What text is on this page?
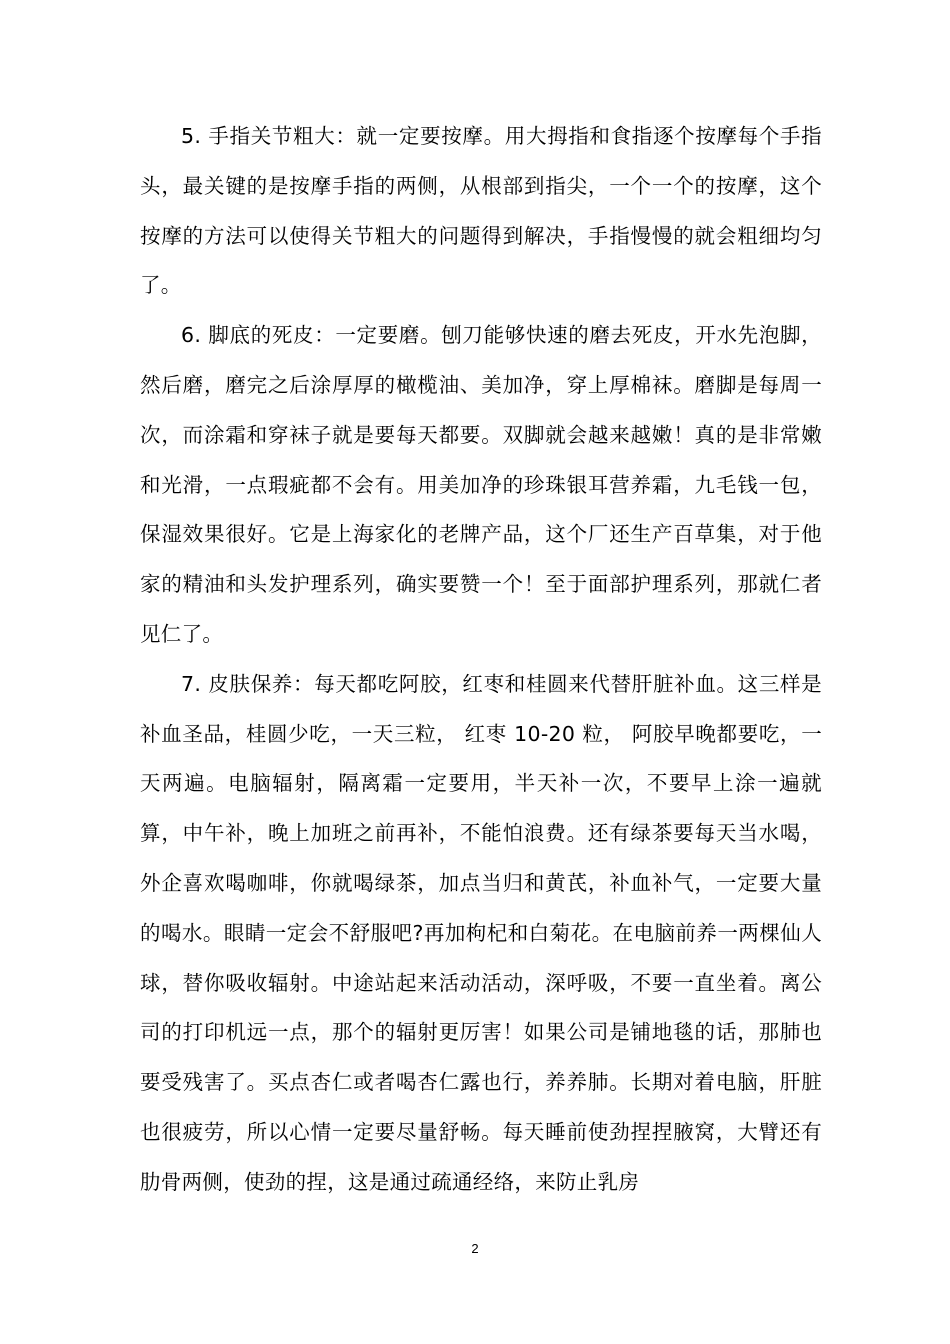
5. 手指关节粗大：就一定要按摩。用大拇指和食指逐个按摩每个手指头，最关键的是按摩手指的两侧，从根部到指尖，一个一个的按摩，这个按摩的方法可以使得关节粗大的问题得到解决，手指慢慢的就会粗细均匀了。

6. 脚底的死皮：一定要磨。刨刀能够快速的磨去死皮，开水先泡脚，然后磨，磨完之后涂厚厚的橄榄油、美加净，穿上厚棉袜。磨脚是每周一次，而涂霜和穿袜子就是要每天都要。双脚就会越来越嫩！真的是非常嫩和光滑，一点瑕疵都不会有。用美加净的珍珠银耳营养霜，九毛钱一包，保湿效果很好。它是上海家化的老牌产品，这个厂还生产百草集，对于他家的精油和头发护理系列，确实要赞一个！至于面部护理系列，那就仁者见仁了。

7. 皮肤保养：每天都吃阿胶，红枣和桂圆来代替肝脏补血。这三样是补血圣品，桂圆少吃，一天三粒， 红枣 10-20 粒， 阿胶早晚都要吃，一天两遍。电脑辐射，隔离霜一定要用，半天补一次，不要早上涂一遍就算，中午补，晚上加班之前再补，不能怕浪费。还有绿茶要每天当水喝，外企喜欢喝咖啡，你就喝绿茶，加点当归和黄芪，补血补气，一定要大量的喝水。眼睛一定会不舒服吧?再加枸杞和白菊花。在电脑前养一两棵仙人球，替你吸收辐射。中途站起来活动活动，深呼吸，不要一直坐着。离公司的打印机远一点，那个的辐射更厉害！如果公司是铺地毯的话，那肺也要受残害了。买点杏仁或者喝杏仁露也行，养养肺。长期对着电脑，肝脏也很疲劳，所以心情一定要尽量舒畅。每天睡前使劲捏捏腋窝，大臂还有肋骨两侧，使劲的捏，这是通过疏通经络，来防止乳房

2
